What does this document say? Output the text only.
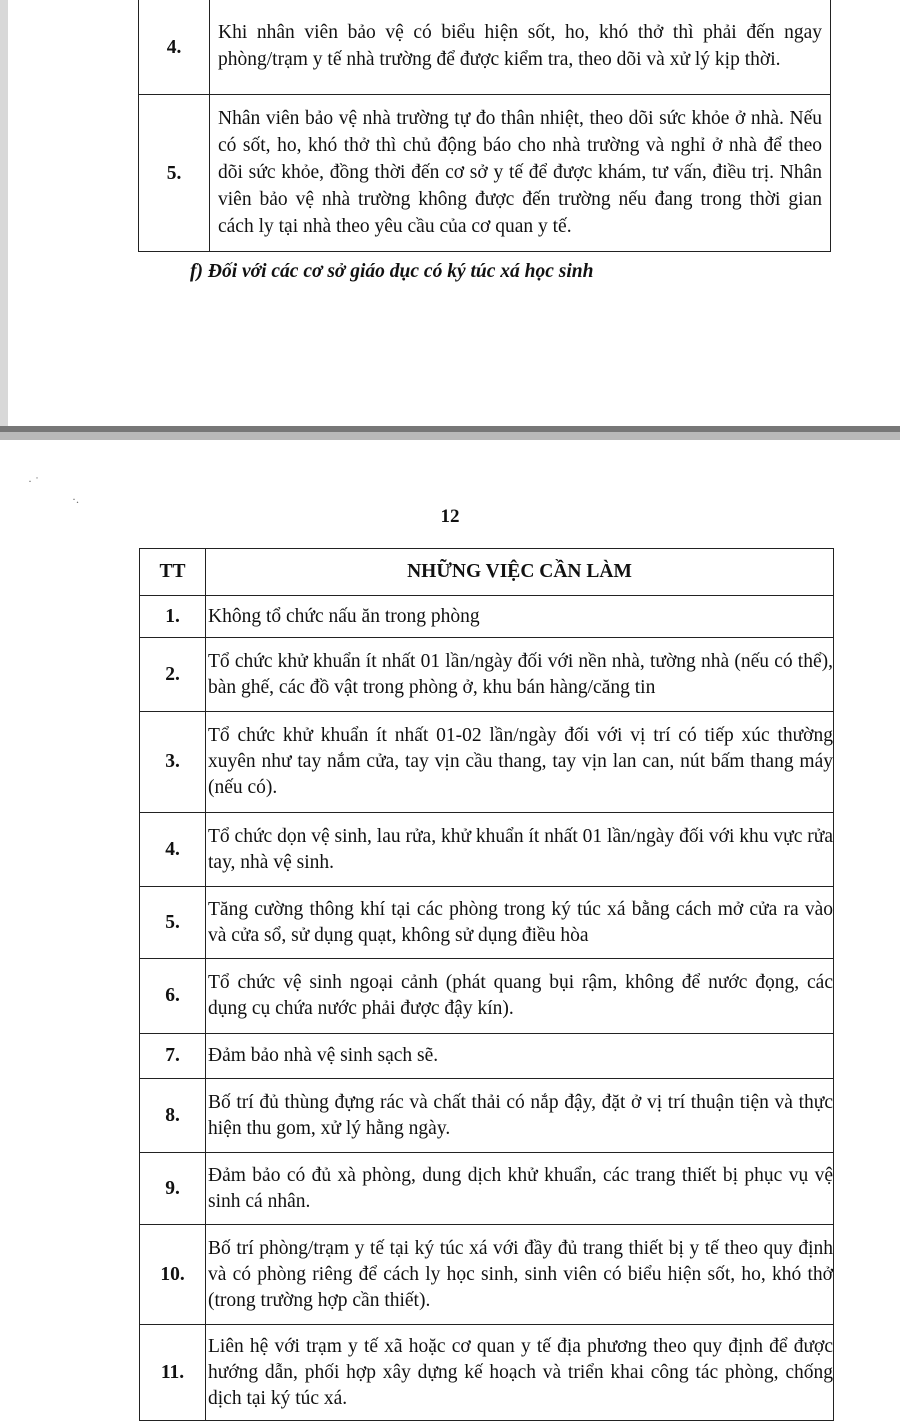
4.	Khi nhân viên bảo vệ có biểu hiện sốt, ho, khó thở thì phải đến ngay phòng/trạm y tế nhà trường để được kiểm tra, theo dõi và xử lý kịp thời.
5.	Nhân viên bảo vệ nhà trường tự đo thân nhiệt, theo dõi sức khỏe ở nhà. Nếu có sốt, ho, khó thở thì chủ động báo cho nhà trường và nghỉ ở nhà để theo dõi sức khỏe, đồng thời đến cơ sở y tế để được khám, tư vấn, điều trị. Nhân viên bảo vệ nhà trường không được đến trường nếu đang trong thời gian cách ly tại nhà theo yêu cầu của cơ quan y tế.
f) Đối với các cơ sở giáo dục có ký túc xá học sinh
· ˙
·.
12
TT	NHỮNG VIỆC CẦN LÀM
1.	Không tổ chức nấu ăn trong phòng
2.	Tổ chức khử khuẩn ít nhất 01 lần/ngày đối với nền nhà, tường nhà (nếu có thể), bàn ghế, các đồ vật trong phòng ở, khu bán hàng/căng tin
3.	Tổ chức khử khuẩn ít nhất 01-02 lần/ngày đối với vị trí có tiếp xúc thường xuyên như tay nắm cửa, tay vịn cầu thang, tay vịn lan can, nút bấm thang máy (nếu có).
4.	Tổ chức dọn vệ sinh, lau rửa, khử khuẩn ít nhất 01 lần/ngày đối với khu vực rửa tay, nhà vệ sinh.
5.	Tăng cường thông khí tại các phòng trong ký túc xá bằng cách mở cửa ra vào và cửa sổ, sử dụng quạt, không sử dụng điều hòa
6.	Tổ chức vệ sinh ngoại cảnh (phát quang bụi rậm, không để nước đọng, các dụng cụ chứa nước phải được đậy kín).
7.	Đảm bảo nhà vệ sinh sạch sẽ.
8.	Bố trí đủ thùng đựng rác và chất thải có nắp đậy, đặt ở vị trí thuận tiện và thực hiện thu gom, xử lý hằng ngày.
9.	Đảm bảo có đủ xà phòng, dung dịch khử khuẩn, các trang thiết bị phục vụ vệ sinh cá nhân.
10.	Bố trí phòng/trạm y tế tại ký túc xá với đầy đủ trang thiết bị y tế theo quy định và có phòng riêng để cách ly học sinh, sinh viên có biểu hiện sốt, ho, khó thở (trong trường hợp cần thiết).
11.	Liên hệ với trạm y tế xã hoặc cơ quan y tế địa phương theo quy định để được hướng dẫn, phối hợp xây dựng kế hoạch và triển khai công tác phòng, chống dịch tại ký túc xá.
